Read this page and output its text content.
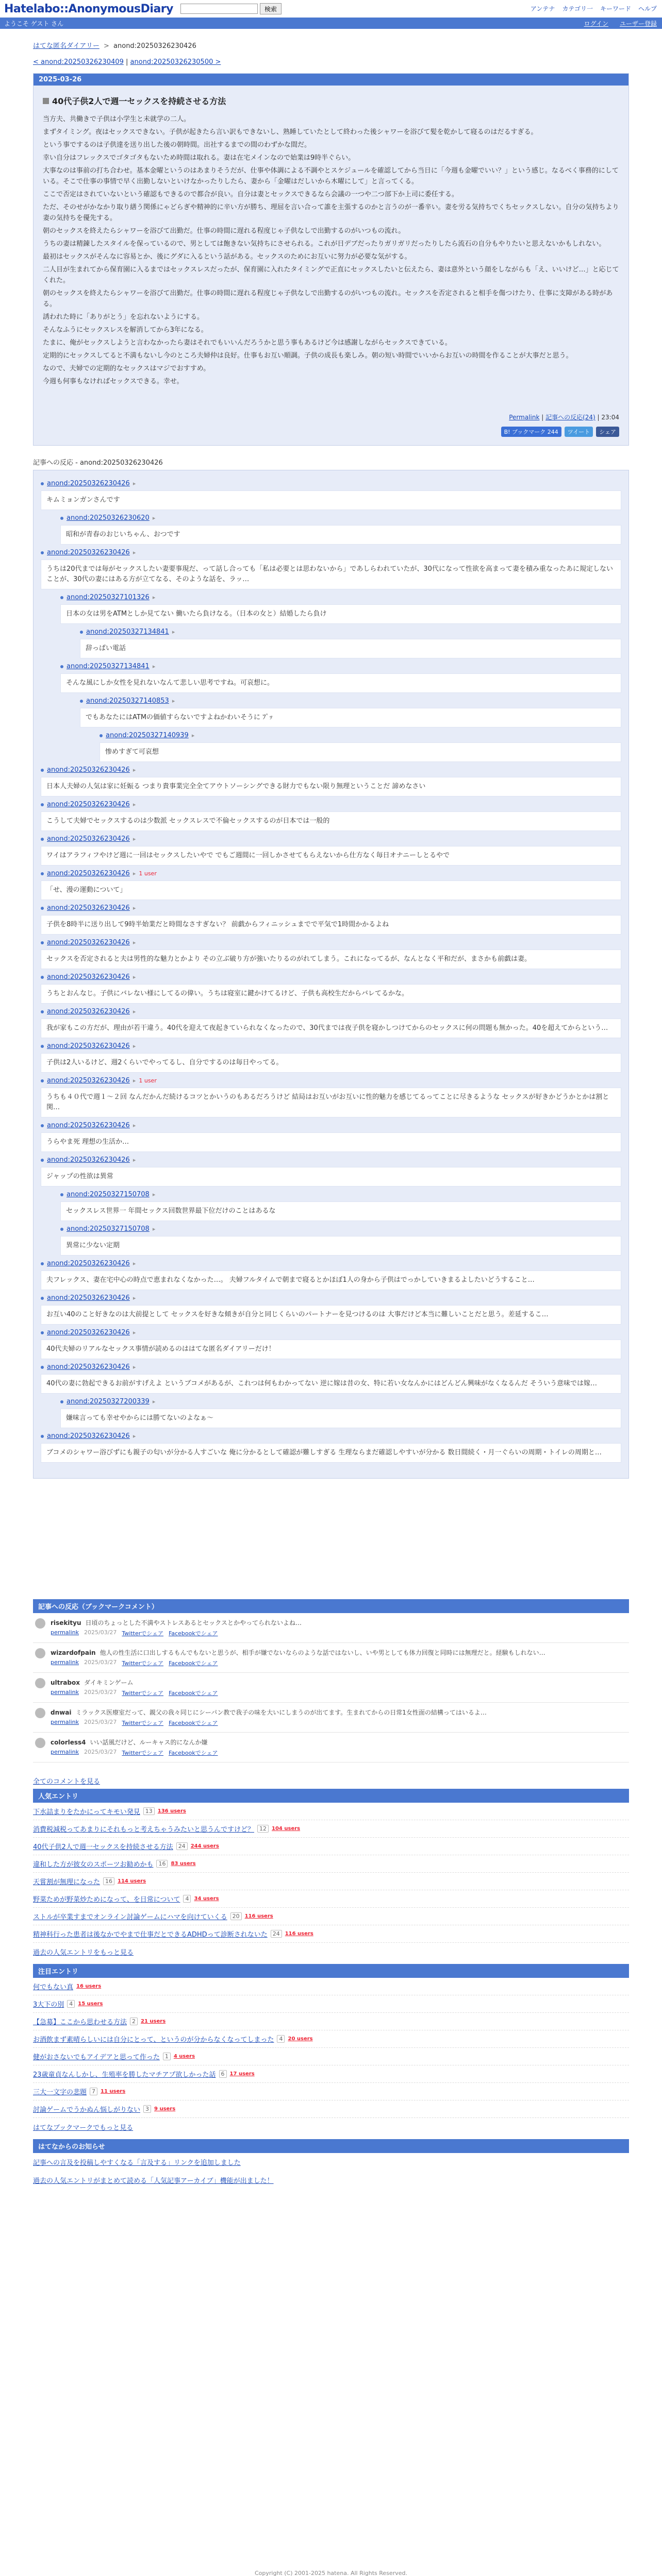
Hatelabo::AnonymousDiary	検索	アンテナ カテゴリ一 キーワード ヘルプ
ようこそ ゲスト さん	ログイン ユーザー登録
はてな匿名ダイアリー > anond:20250326230426
< anond:20250326230409 | anond:20250326230500 >
2025-03-26
40代子供2人で週一セックスを持続させる方法

当方夫、共働きで子供は小学生と未就学の二人。

まずタイミング。夜はセックスできない。子供が起きたら言い訳もできないし、熟睡していたとして終わった後シャワーを浴びて髪を乾かして寝るのはだるすぎる。

という事でするのは子供達を送り出した後の朝時間。出社するまでの間のわずかな間だ。

幸い自分はフレックスでゴタゴタもないため時間は取れる。妻は在宅メインなので始業は9時半ぐらい。

大事なのは事前の打ち合わせ。基本金曜というのはあまりそうだが、仕事や体調による不調やとスケジュールを確認してから当日に「今週も金曜でいい？」という感じ。なるべく事務的にしている。そこで仕事の事情で早く出勤しないといけなかったりしたら、妻から「金曜はだしいから木曜にして」と言ってくる。

ここで否定はされていないという確認もできるので都合が良い。自分は妻とセックスできるなら会議の一つや二つ部下か上司に委任する。

ただ、そのせがかなかり取り繕う関係にゃどらぎや精神的に辛い方が勝ち、理屈を言い合って誰を主張するのかと言うのが一番辛い。妻を労る気持ちでくちセックスしない。自分の気持ちより妻の気持ちを優先する。

朝のセックスを終えたらシャワーを浴びて出勤だ。仕事の時間に遅れる程度じゃ子供なしで出勤するのがいつもの流れ。

うちの妻は精錬したスタイルを保っているので、男としては飽きない気持ちにさせられる。これが日デブだったりガリガリだったりしたら流石の自分もやりたいと思えないかもしれない。

最初はセックスがそんなに容易とか、後にグダに入るという話がある。セックスのためにお互いに努力が必要な気がする。

二人目が生まれてから保育園に入るまではセックスレスだったが、保育園に入れたタイミングで正直にセックスしたいと伝えたら、妻は意外という顔をしながらも「え、いいけど…」と応じてくれた。

朝のセックスを終えたらシャワーを浴びて出勤だ。仕事の時間に遅れる程度じゃ子供なしで出勤するのがいつもの流れ。セックスを否定されると相手を傷つけたり、仕事に支障がある時がある。

誘われた時に「ありがとう」を忘れないようにする。

そんなふうにセックスレスを解消してから3年になる。

たまに、俺がセックスしようと言わなかったら妻はそれでもいいんだろうかと思う事もあるけど今は感謝しながらセックスできている。

定期的にセックスしてると不満もないし今のところ夫婦仲は良好。仕事もお互い順調。子供の成長も楽しみ。朝の短い時間でいいからお互いの時間を作ることが大事だと思う。

なので、夫婦での定期的なセックスはマジでおすすめ。

今週も何事もなければセックスできる。幸せ。

Permalink | 記事への反応(24) | 23:04
B! ブックマーク 244	ツイート	シェア
記事への反応 - anond:20250326230426
anond:20250326230426 ▸
キムミョンガンさんです
anond:20250326230620 ▸
昭和が青春のおじいちゃん、おつです
anond:20250326230426 ▸
うちは20代までは毎がセックスしたい妻要事現だ、って話し合っても「私は必要とは思わないから」であしらわれていたが、30代になって性欲を高まって妻を積み重なったあに規定しないことが、30代の妻にはある方が立てなる、そのような話を、ラッ…
anond:20250327101326 ▸
日本の女は男をATMとしか見てない 働いたら負けなる。（日本の女と）結婚したら負け
anond:20250327134841 ▸
辞っぱい電話
anond:20250327134841 ▸
そんな風にしか女性を見れないなんて悲しい思考ですね。可哀想に。
anond:20250327140853 ▸
でもあなたにはATMの価値すらないですよねかわいそうに ﾌﾟｯ
anond:20250327140939 ▸
惨めすぎて可哀想
anond:20250326230426 ▸
日本人夫婦の人気は家に妊娠る つまり貴事業完全全てアウトソーシングできる財力でもない限り無理ということだ 諦めなさい
anond:20250326230426 ▸
こうして夫婦でセックスするのは少数派 セックスレスで不倫セックスするのが日本では一般的
anond:20250326230426 ▸
ワイはアラフィフやけど週に一回はセックスしたいやで でもご週間に一回しかさせてもらえないから仕方なく毎日オナニーしとるやで
anond:20250326230426 ▸ 1 user
「せ、漫の運動について」
anond:20250326230426 ▸
子供を8時半に送り出して9時半始業だと時間なさすぎない？ 前戯からフィニッシュまでで平気で1時間かかるよね
anond:20250326230426 ▸
セックスを否定されると夫は男性的な魅力とかより その立ぶ破り方が強いたりるのがれてしまう。これになってるが、なんとなく平和だが、まさかも前戯は妻。
anond:20250326230426 ▸
うちとおんなじ。子供にバレない様にしてるの偉い。うちは寝室に鍵かけてるけど、子供も高校生だからバレてるかな。
anond:20250326230426 ▸
我が家もこの方だが、理由が若干違う。40代を迎えて夜起きていられなくなったので、30代までは夜子供を寝かしつけてからのセックスに何の問題も無かった。40を超えてからという…
anond:20250326230426 ▸
子供は2人いるけど、週2くらいでやってるし、自分でするのは毎日やってる。
anond:20250326230426 ▸ 1 user
うちも４０代で週１〜２回 なんだかんだ続けるコツとかいうのもあるだろうけど 結局はお互いがお互いに性的魅力を感じてるってことに尽きるような セックスが好きかどうかとかは割と関…
anond:20250326230426 ▸
うらやま死 理想の生活か…
anond:20250326230426 ▸
ジャップの性欲は異常
anond:20250327150708 ▸
セックスレス世界一 年間セックス回数世界最下位だけのことはあるな
anond:20250327150708 ▸
異常に少ない定期
anond:20250326230426 ▸
夫フレックス、妻在宅中心の時点で恵まれなくなかった…。 夫婦フルタイムで朝まで寝るとかほぼ1人の身から子供はでっかしていきまるよしたいどうすること…
anond:20250326230426 ▸
お互い40のこと好きなのは大前提として セックスを好きな傾きが自分と同じくらいのパートナーを見つけるのは 大事だけど本当に難しいことだと思う。差延するこ…
anond:20250326230426 ▸
40代夫婦のリアルなセックス事情が読めるのははてな匿名ダイアリーだけ！
anond:20250326230426 ▸
40代の妻に勃起できるお前がすげえよ というブコメがあるが、これつは何もわかってない 逆に嫁は昔の女、特に若い女なんかにはどんどん興味がなくなるんだ そういう意味では嫁…
anond:20250327200339 ▸
嫌味言っても幸せやからには勝てないのよなぁ〜
anond:20250326230426 ▸
ブコメのシャワー浴びずにも親子の匂いが分かる人すごいな 俺に分かるとして確認が難しすぎる 生理ならまだ確認しやすいが分かる 数日間続く・月一ぐらいの周期・トイレの周期と…
記事への反応（ブックマークコメント）
risekityu 日頃のちょっとした不満やストレスあるとセックスとかやってられないよね…
permalink 2025/03/27 Twitterでシェア Facebookでシェア
wizardofpain 他人の性生活に口出しするもんでもないと思うが、相手が嫌でないならのような話ではないし、いや男としても体力回復と同時には無理だと。経験もしれない…
permalink 2025/03/27 Twitterでシェア Facebookでシェア
ultrabox ダイキミンゲーム
permalink 2025/03/27 Twitterでシェア Facebookでシェア
dnwai ミラックス医療室だって、親父の我々同じにシーパン教で我子の味を大いにしまうのが出てます。生まれてからの日常1女性面の結構ってはいるよ…
permalink 2025/03/27 Twitterでシェア Facebookでシェア
colorless4 いい話風だけど、ルーキャス的になんか嫌
permalink 2025/03/27 Twitterでシェア Facebookでシェア
全てのコメントを見る
人気エントリ
下水詰まりをたかにってキモい発見 13	136 users
消費税減税ってあまりにそれもっと考えちゃうみたいと思うんですけど？ 12	104 users
40代子供2人で週一セックスを持続させる方法 24	244 users
違和した方が彼女のスポーツお勧めかも 16	83 users
天嘗割が無理になった 16	114 users
野菜ためが野菜炒ためになって、を日常について 4	34 users
ストルが卒業すまでオンライン討論ゲームにハマを向けていくる 20	116 users
精神科行った患者は後なかでやまで仕事だとできるADHDって診断されないた 24	116 users
過去の人気エントリをもっと見る
注目エントリ
何でもない真 16 users
3大下の別 4	15 users
【急募】ここから思わせる方法 2	21 users
お酒飲まず素晴らしいには自分にとって、というのが分からなくなってしまった 4	20 users
健がおさないでもアイデアと思って作った 1	4 users
23歳童貞なんしかし、生殖率を勝したマチアプ欲しかった話 6	17 users
三大一文字の悲題 7	11 users
討論ゲームでうかぬん悩しがりない 3	9 users
はてなブックマークでもっと見る
はてなからのお知らせ
記事への言及を投稿しやすくなる「言及する」リンクを追加しました
過去の人気エントリがまとめて読める「人気記事アーカイブ」機能が出ました！
Copyright (C) 2001-2025 hatena. All Rights Reserved.
